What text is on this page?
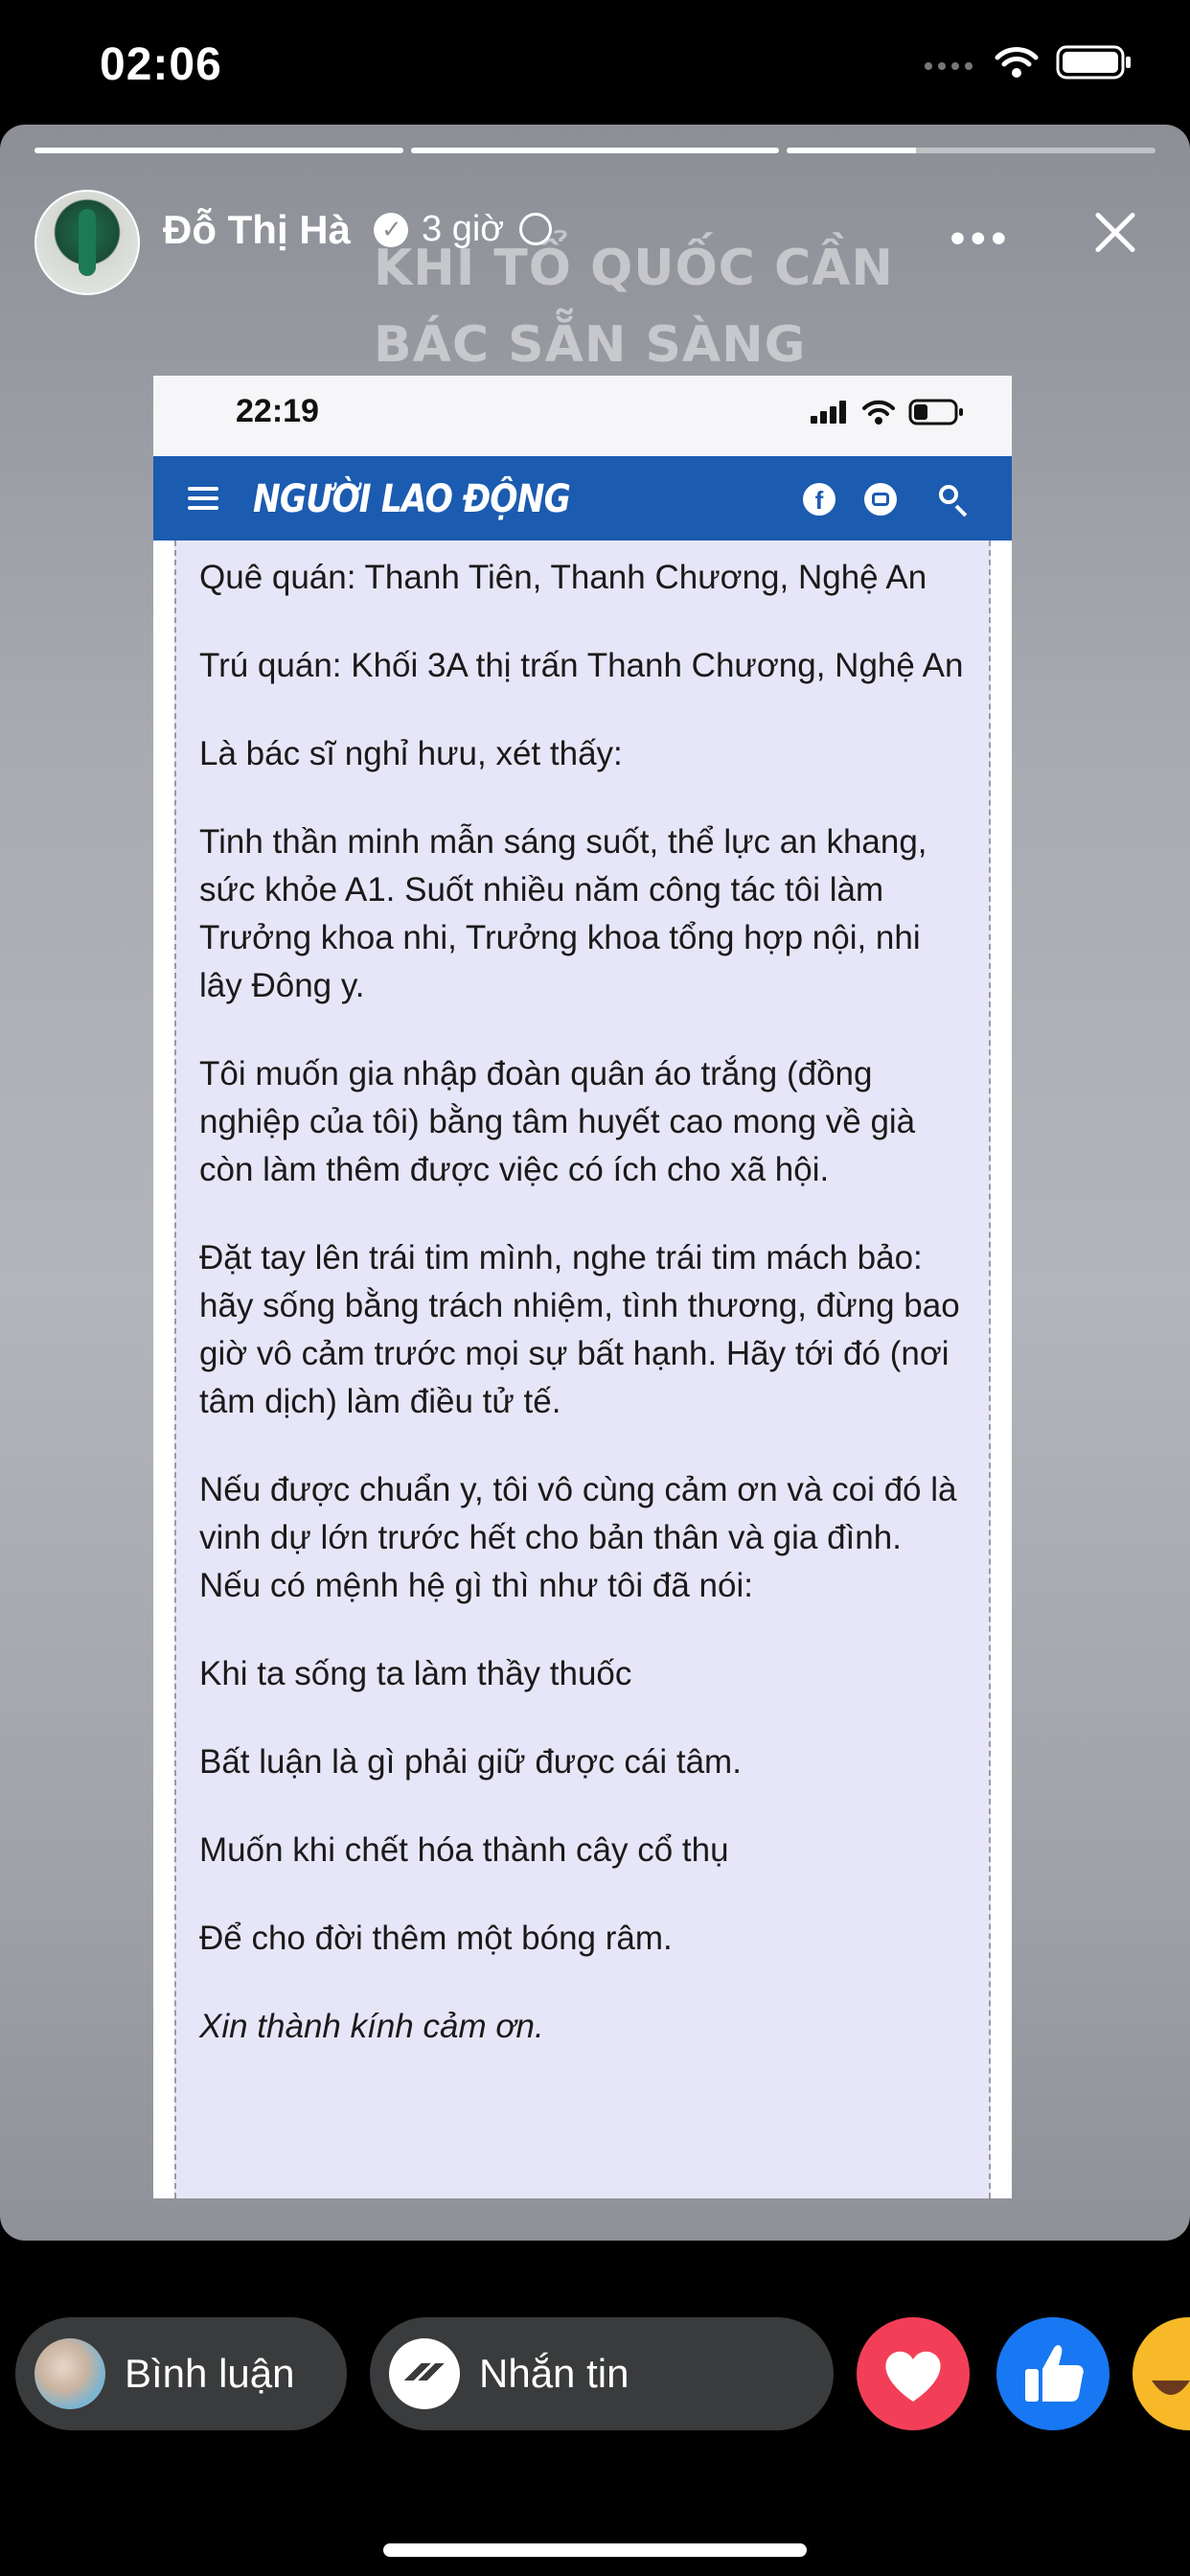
02:06
Đỗ Thị Hà
✓ 3 giờ	•••
KHI TỔ QUỐC CẦN BÁC SẴN SÀNG
22:19
NGƯỜI LAO ĐỘNG	f

Quê quán: Thanh Tiên, Thanh Chương, Nghệ An

Trú quán: Khối 3A thị trấn Thanh Chương, Nghệ An

Là bác sĩ nghỉ hưu, xét thấy:

Tinh thần minh mẫn sáng suốt, thể lực an khang, sức khỏe A1. Suốt nhiều năm công tác tôi làm Trưởng khoa nhi, Trưởng khoa tổng hợp nội, nhi lây Đông y.

Tôi muốn gia nhập đoàn quân áo trắng (đồng nghiệp của tôi) bằng tâm huyết cao mong về già còn làm thêm được việc có ích cho xã hội.

Đặt tay lên trái tim mình, nghe trái tim mách bảo: hãy sống bằng trách nhiệm, tình thương, đừng bao giờ vô cảm trước mọi sự bất hạnh. Hãy tới đó (nơi tâm dịch) làm điều tử tế.

Nếu được chuẩn y, tôi vô cùng cảm ơn và coi đó là vinh dự lớn trước hết cho bản thân và gia đình. Nếu có mệnh hệ gì thì như tôi đã nói:

Khi ta sống ta làm thầy thuốc

Bất luận là gì phải giữ được cái tâm.

Muốn khi chết hóa thành cây cổ thụ

Để cho đời thêm một bóng râm.

Xin thành kính cảm ơn.

Bình luận	Nhắn tin
